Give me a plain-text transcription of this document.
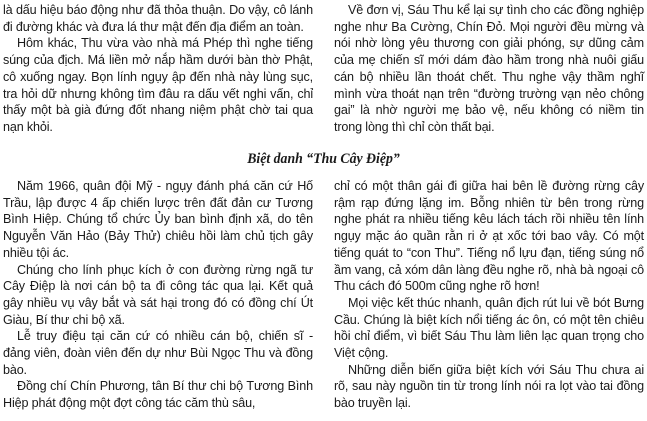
là dấu hiệu báo động như đã thỏa thuận. Do vậy, cô lánh đi đường khác và đưa lá thư mật đến địa điểm an toàn.

Hôm khác, Thu vừa vào nhà má Phép thì nghe tiếng súng của địch. Má liền mở nắp hầm dưới bàn thờ Phật, cô xuống ngay. Bọn lính ngụy ập đến nhà này lùng sục, tra hỏi dữ nhưng không tìm đâu ra dấu vết nghi vấn, chỉ thấy một bà già đứng đốt nhang niệm phật chờ tai qua nạn khỏi.

Về đơn vị, Sáu Thu kể lại sự tình cho các đồng nghiệp nghe như Ba Cường, Chín Đỏ. Mọi người đều mừng và nói nhờ lòng yêu thương con giải phóng, sự dũng cảm của mẹ chiến sĩ mới dám đào hầm trong nhà nuôi giấu cán bộ nhiều lần thoát chết. Thu nghe vậy thầm nghĩ mình vừa thoát nạn trên “đường trường vạn nẻo chông gai” là nhờ người mẹ bảo vệ, nếu không có niềm tin trong lòng thì chỉ còn thất bại.

Biệt danh “Thu Cây Điệp”

Năm 1966, quân đội Mỹ - ngụy đánh phá căn cứ Hố Trầu, lập được 4 ấp chiến lược trên đất đản cư Tương Bình Hiệp. Chúng tổ chức Ủy ban bình định xã, do tên Nguyễn Văn Hảo (Bảy Thử) chiêu hồi làm chủ tịch gây nhiều tội ác.

Chúng cho lính phục kích ở con đường rừng ngã tư Cây Điệp là nơi cán bộ ta đi công tác qua lại. Kết quả gây nhiều vụ vây bắt và sát hại trong đó có đồng chí Út Giàu, Bí thư chi bộ xã.

Lễ truy điệu tại căn cứ có nhiều cán bộ, chiến sĩ - đảng viên, đoàn viên đến dự như Bùi Ngọc Thu và đồng bào.

Đồng chí Chín Phương, tân Bí thư chi bộ Tương Bình Hiệp phát động một đợt công tác căm thù sâu,

chỉ có một thân gái đi giữa hai bên lề đường rừng cây rậm rạp đứng lặng im. Bỗng nhiên từ bên trong rừng nghe phát ra nhiều tiếng kêu lách tách rồi nhiều tên lính ngụy mặc áo quần rằn ri ở ạt xốc tới bao vây. Có một tiếng quát to “con Thu”. Tiếng nổ lựu đạn, tiếng súng nổ ầm vang, cả xóm dân làng đều nghe rõ, nhà bà ngoại cô Thu cách đó 500m cũng nghe rõ hơn!

Mọi việc kết thúc nhanh, quân địch rút lui về bót Bưng Cầu. Chúng là biệt kích nổi tiếng ác ôn, có một tên chiêu hồi chỉ điểm, vì biết Sáu Thu làm liên lạc quan trọng cho Việt cộng.

Những diễn biến giữa biệt kích với Sáu Thu chưa ai rõ, sau này nguồn tin từ trong lính nói ra lọt vào tai đồng bào truyền lại.
